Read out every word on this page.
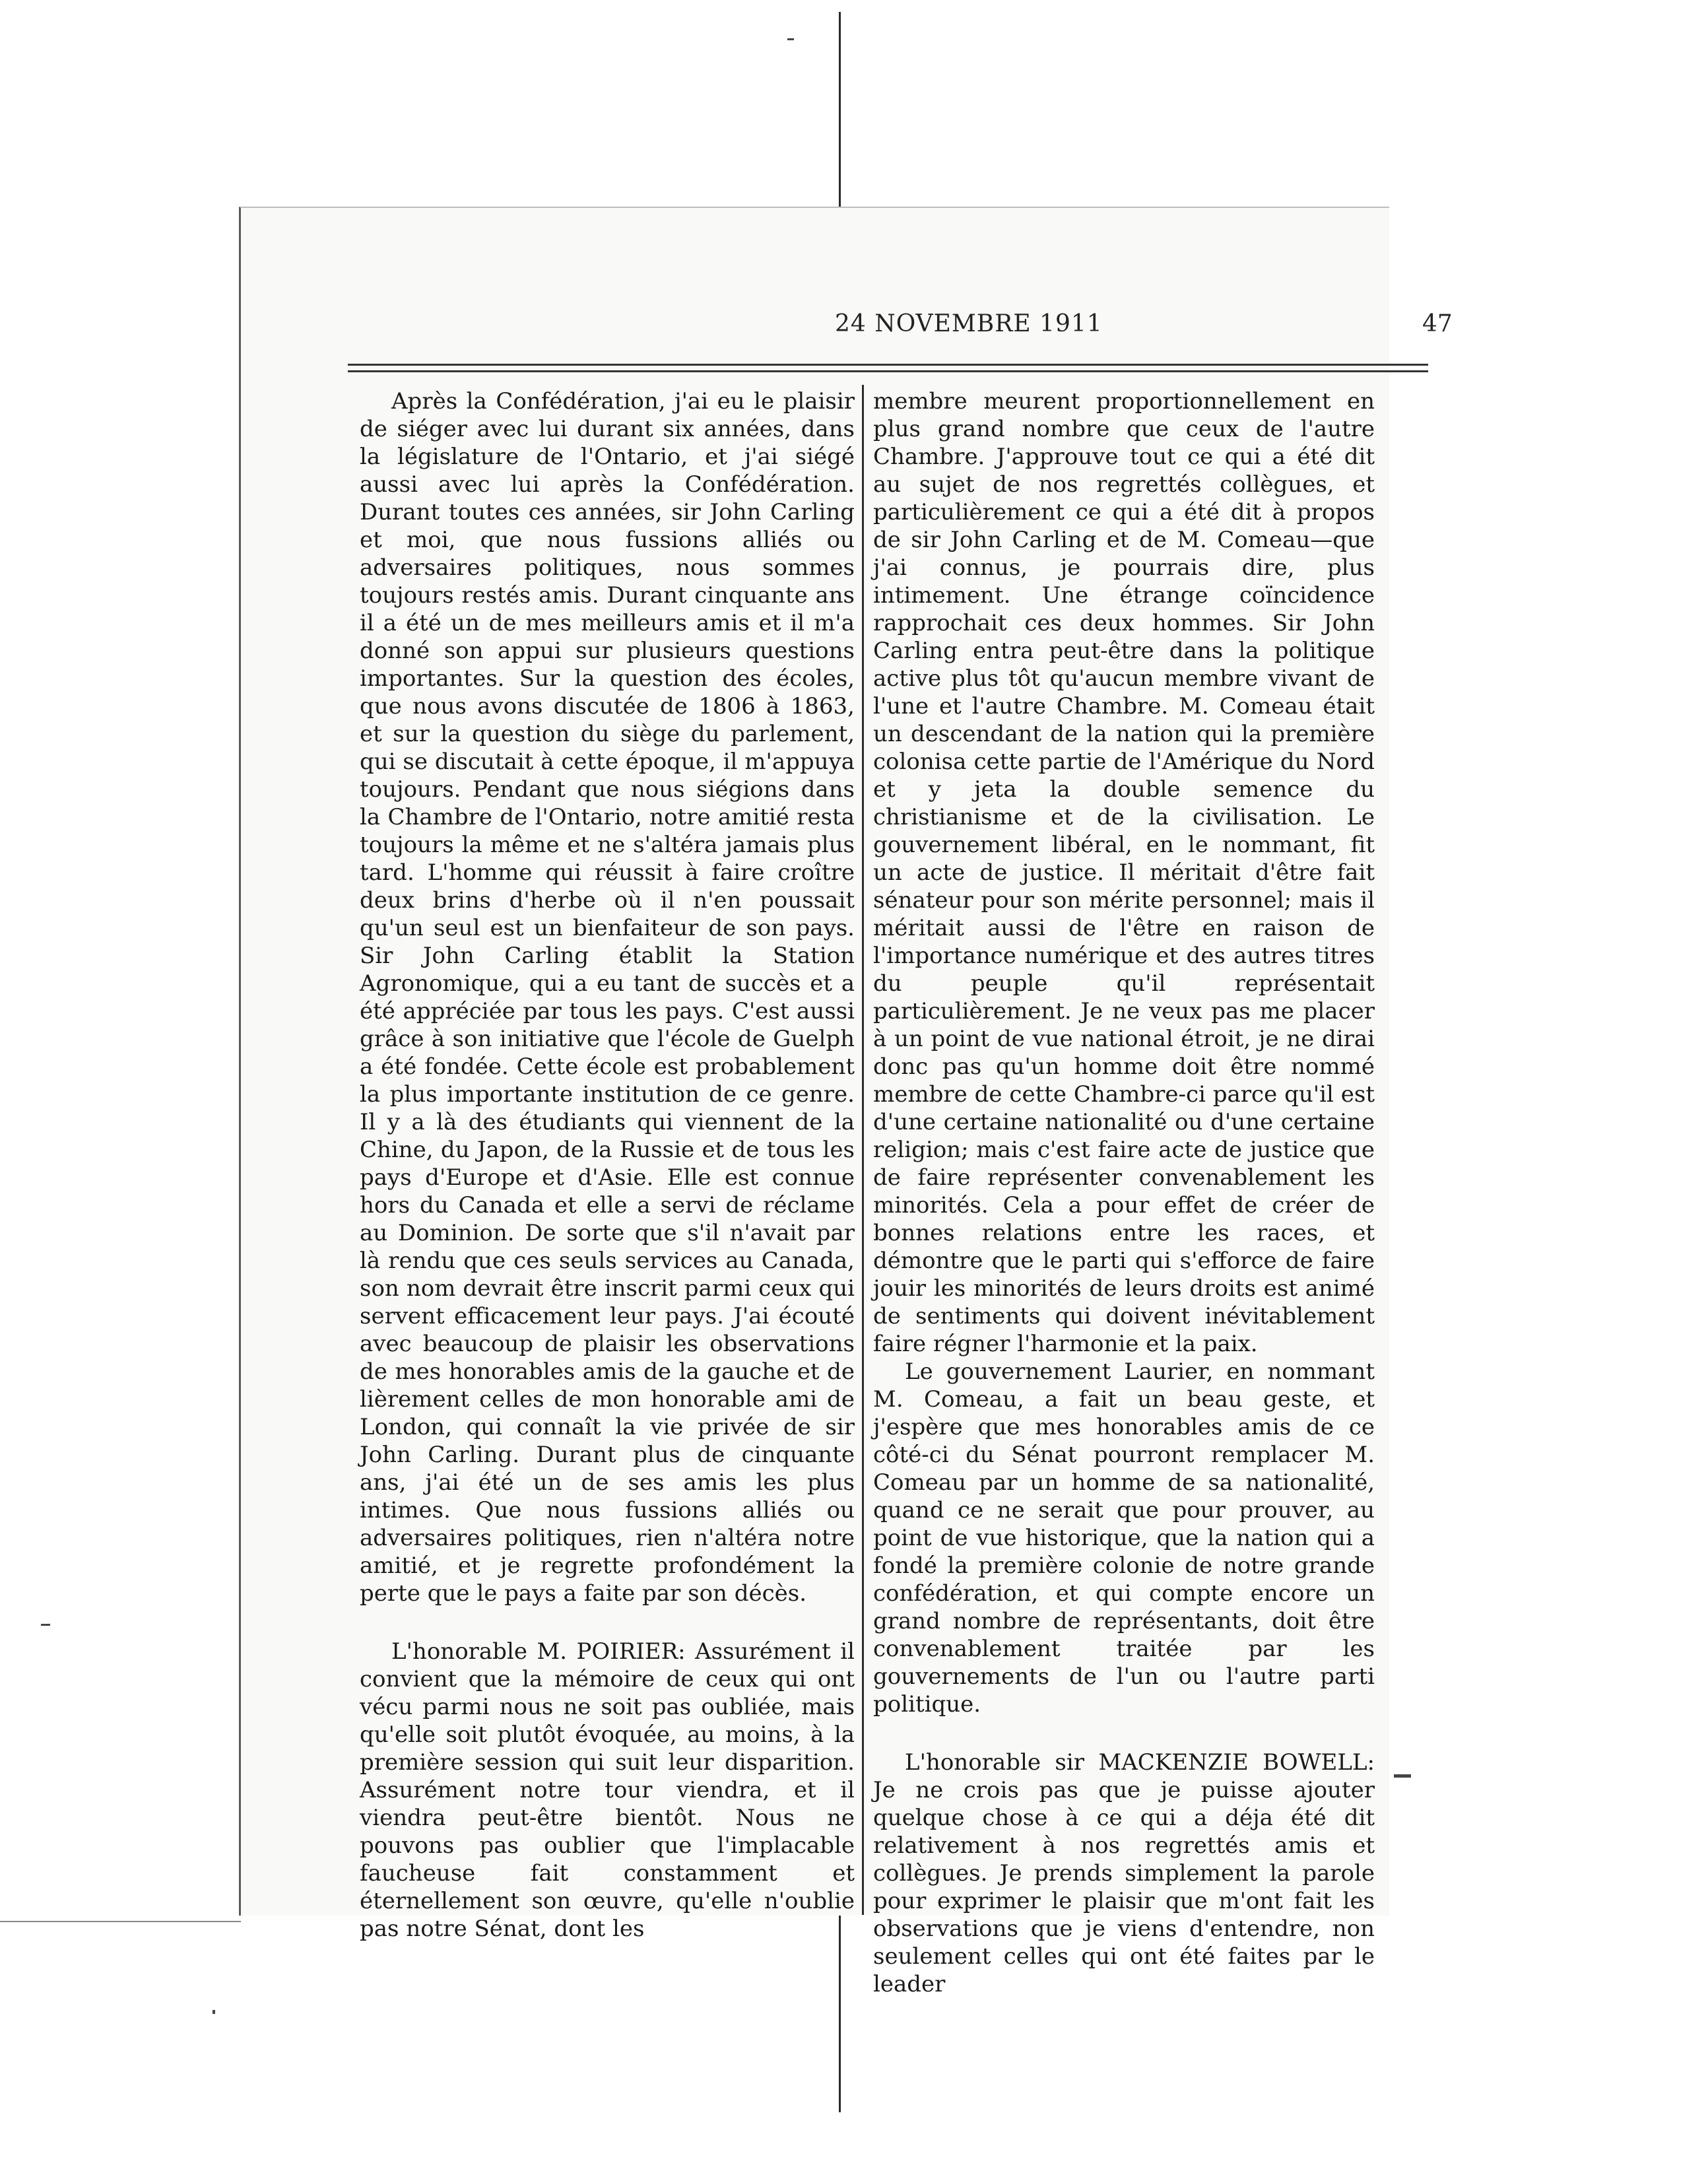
24 NOVEMBRE 1911	47

Après la Confédération, j'ai eu le plaisir de siéger avec lui durant six années, dans la législature de l'Ontario, et j'ai siégé aussi avec lui après la Confédération. Durant toutes ces années, sir John Carling et moi, que nous fussions alliés ou adversaires politiques, nous sommes toujours restés amis. Durant cinquante ans il a été un de mes meilleurs amis et il m'a donné son appui sur plusieurs questions importantes. Sur la question des écoles, que nous avons discutée de 1806 à 1863, et sur la question du siège du parlement, qui se discutait à cette époque, il m'appuya toujours. Pendant que nous siégions dans la Chambre de l'Ontario, notre amitié resta toujours la même et ne s'altéra jamais plus tard. L'homme qui réussit à faire croître deux brins d'herbe où il n'en poussait qu'un seul est un bienfaiteur de son pays. Sir John Carling établit la Station Agronomique, qui a eu tant de succès et a été appréciée par tous les pays. C'est aussi grâce à son initiative que l'école de Guelph a été fondée. Cette école est probablement la plus importante institution de ce genre. Il y a là des étudiants qui viennent de la Chine, du Japon, de la Russie et de tous les pays d'Europe et d'Asie. Elle est connue hors du Canada et elle a servi de réclame au Dominion. De sorte que s'il n'avait par là rendu que ces seuls services au Canada, son nom devrait être inscrit parmi ceux qui servent efficacement leur pays. J'ai écouté avec beaucoup de plaisir les observations de mes honorables amis de la gauche et de lièrement celles de mon honorable ami de London, qui connaît la vie privée de sir John Carling. Durant plus de cinquante ans, j'ai été un de ses amis les plus intimes. Que nous fussions alliés ou adversaires politiques, rien n'altéra notre amitié, et je regrette profondément la perte que le pays a faite par son décès.

L'honorable M. POIRIER: Assurément il convient que la mémoire de ceux qui ont vécu parmi nous ne soit pas oubliée, mais qu'elle soit plutôt évoquée, au moins, à la première session qui suit leur disparition. Assurément notre tour viendra, et il viendra peut-être bientôt. Nous ne pouvons pas oublier que l'implacable faucheuse fait constamment et éternellement son œuvre, qu'elle n'oublie pas notre Sénat, dont les

membre meurent proportionnellement en plus grand nombre que ceux de l'autre Chambre. J'approuve tout ce qui a été dit au sujet de nos regrettés collègues, et particulièrement ce qui a été dit à propos de sir John Carling et de M. Comeau—que j'ai connus, je pourrais dire, plus intimement. Une étrange coïncidence rapprochait ces deux hommes. Sir John Carling entra peut-être dans la politique active plus tôt qu'aucun membre vivant de l'une et l'autre Chambre. M. Comeau était un descendant de la nation qui la première colonisa cette partie de l'Amérique du Nord et y jeta la double semence du christianisme et de la civilisation. Le gouvernement libéral, en le nommant, fit un acte de justice. Il méritait d'être fait sénateur pour son mérite personnel; mais il méritait aussi de l'être en raison de l'importance numérique et des autres titres du peuple qu'il représentait particulièrement. Je ne veux pas me placer à un point de vue national étroit, je ne dirai donc pas qu'un homme doit être nommé membre de cette Chambre-ci parce qu'il est d'une certaine nationalité ou d'une certaine religion; mais c'est faire acte de justice que de faire représenter convenablement les minorités. Cela a pour effet de créer de bonnes relations entre les races, et démontre que le parti qui s'efforce de faire jouir les minorités de leurs droits est animé de sentiments qui doivent inévitablement faire régner l'harmonie et la paix.

Le gouvernement Laurier, en nommant M. Comeau, a fait un beau geste, et j'espère que mes honorables amis de ce côté-ci du Sénat pourront remplacer M. Comeau par un homme de sa nationalité, quand ce ne serait que pour prouver, au point de vue historique, que la nation qui a fondé la première colonie de notre grande confédération, et qui compte encore un grand nombre de représentants, doit être convenablement traitée par les gouvernements de l'un ou l'autre parti politique.

L'honorable sir MACKENZIE BOWELL: Je ne crois pas que je puisse ajouter quelque chose à ce qui a déja été dit relativement à nos regrettés amis et collègues. Je prends simplement la parole pour exprimer le plaisir que m'ont fait les observations que je viens d'entendre, non seulement celles qui ont été faites par le leader
